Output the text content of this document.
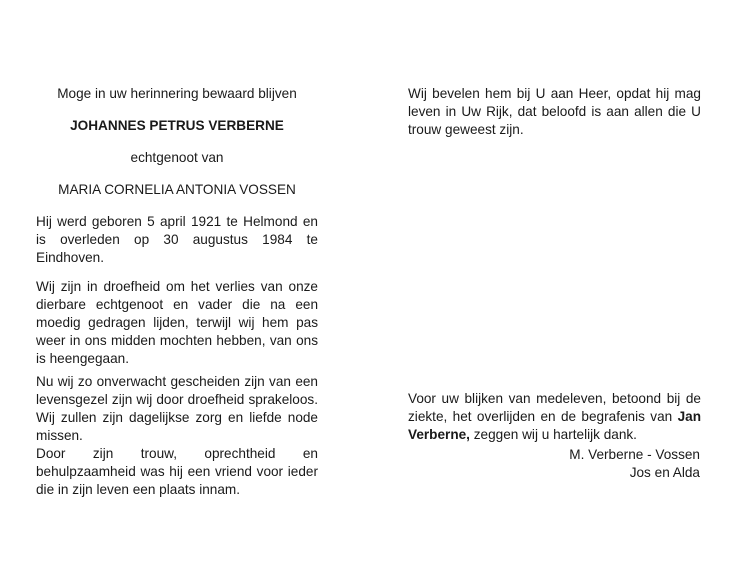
Moge in uw herinnering bewaard blijven
JOHANNES PETRUS VERBERNE
echtgenoot van
MARIA CORNELIA ANTONIA VOSSEN

Hij werd geboren 5 april 1921 te Helmond en is overleden op 30 augustus 1984 te Eindhoven.

Wij zijn in droefheid om het verlies van onze dierbare echtgenoot en vader die na een moedig gedragen lijden, terwijl wij hem pas weer in ons midden mochten hebben, van ons is heengegaan.

Nu wij zo onverwacht gescheiden zijn van een levensgezel zijn wij door droefheid sprakeloos. Wij zullen zijn dagelijkse zorg en liefde node missen.

Door zijn trouw, oprechtheid en behulpzaamheid was hij een vriend voor ieder die in zijn leven een plaats innam.

Wij bevelen hem bij U aan Heer, opdat hij mag leven in Uw Rijk, dat beloofd is aan allen die U trouw geweest zijn.

Voor uw blijken van medeleven, betoond bij de ziekte, het overlijden en de begrafenis van Jan Verberne, zeggen wij u hartelijk dank.

M. Verberne - Vossen
Jos en Alda
